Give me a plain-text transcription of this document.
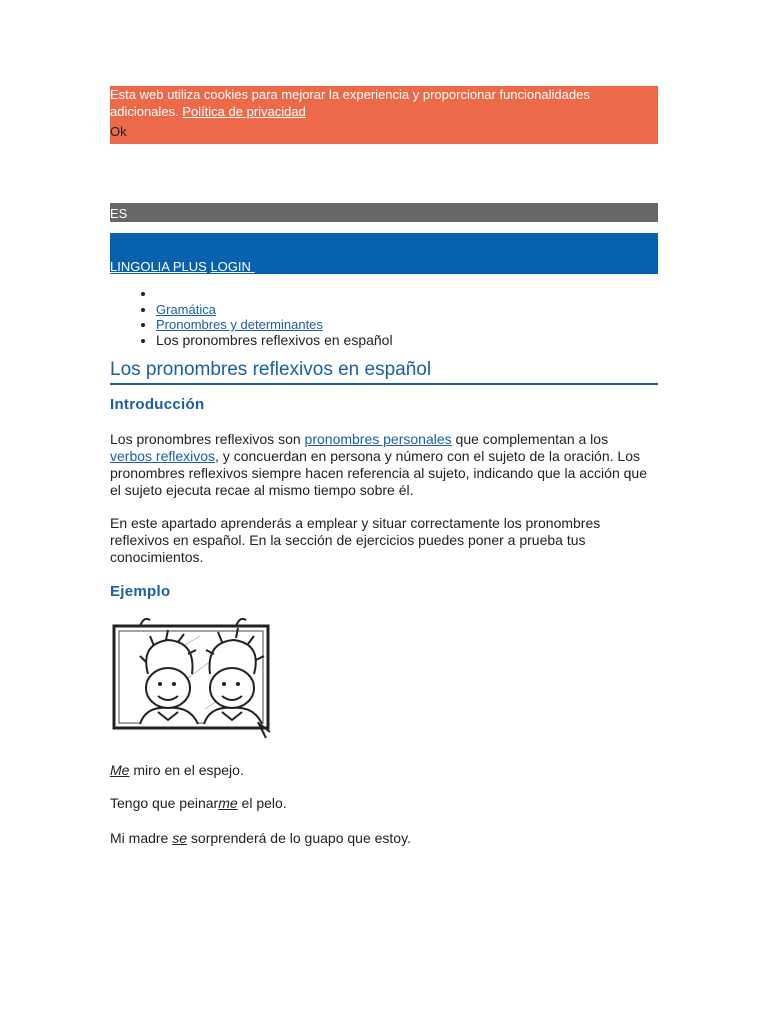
Esta web utiliza cookies para mejorar la experiencia y proporcionar funcionalidades adicionales. Política de privacidad
Ok
ES
LINGOLIA PLUS LOGIN
•
• Gramática
• Pronombres y determinantes
• Los pronombres reflexivos en español
Los pronombres reflexivos en español
Introducción

Los pronombres reflexivos son pronombres personales que complementan a los verbos reflexivos, y concuerdan en persona y número con el sujeto de la oración. Los pronombres reflexivos siempre hacen referencia al sujeto, indicando que la acción que el sujeto ejecuta recae al mismo tiempo sobre él.

En este apartado aprenderás a emplear y situar correctamente los pronombres reflexivos en español. En la sección de ejercicios puedes poner a prueba tus conocimientos.

Ejemplo

Me miro en el espejo.

Tengo que peinarme el pelo.

Mi madre se sorprenderá de lo guapo que estoy.
